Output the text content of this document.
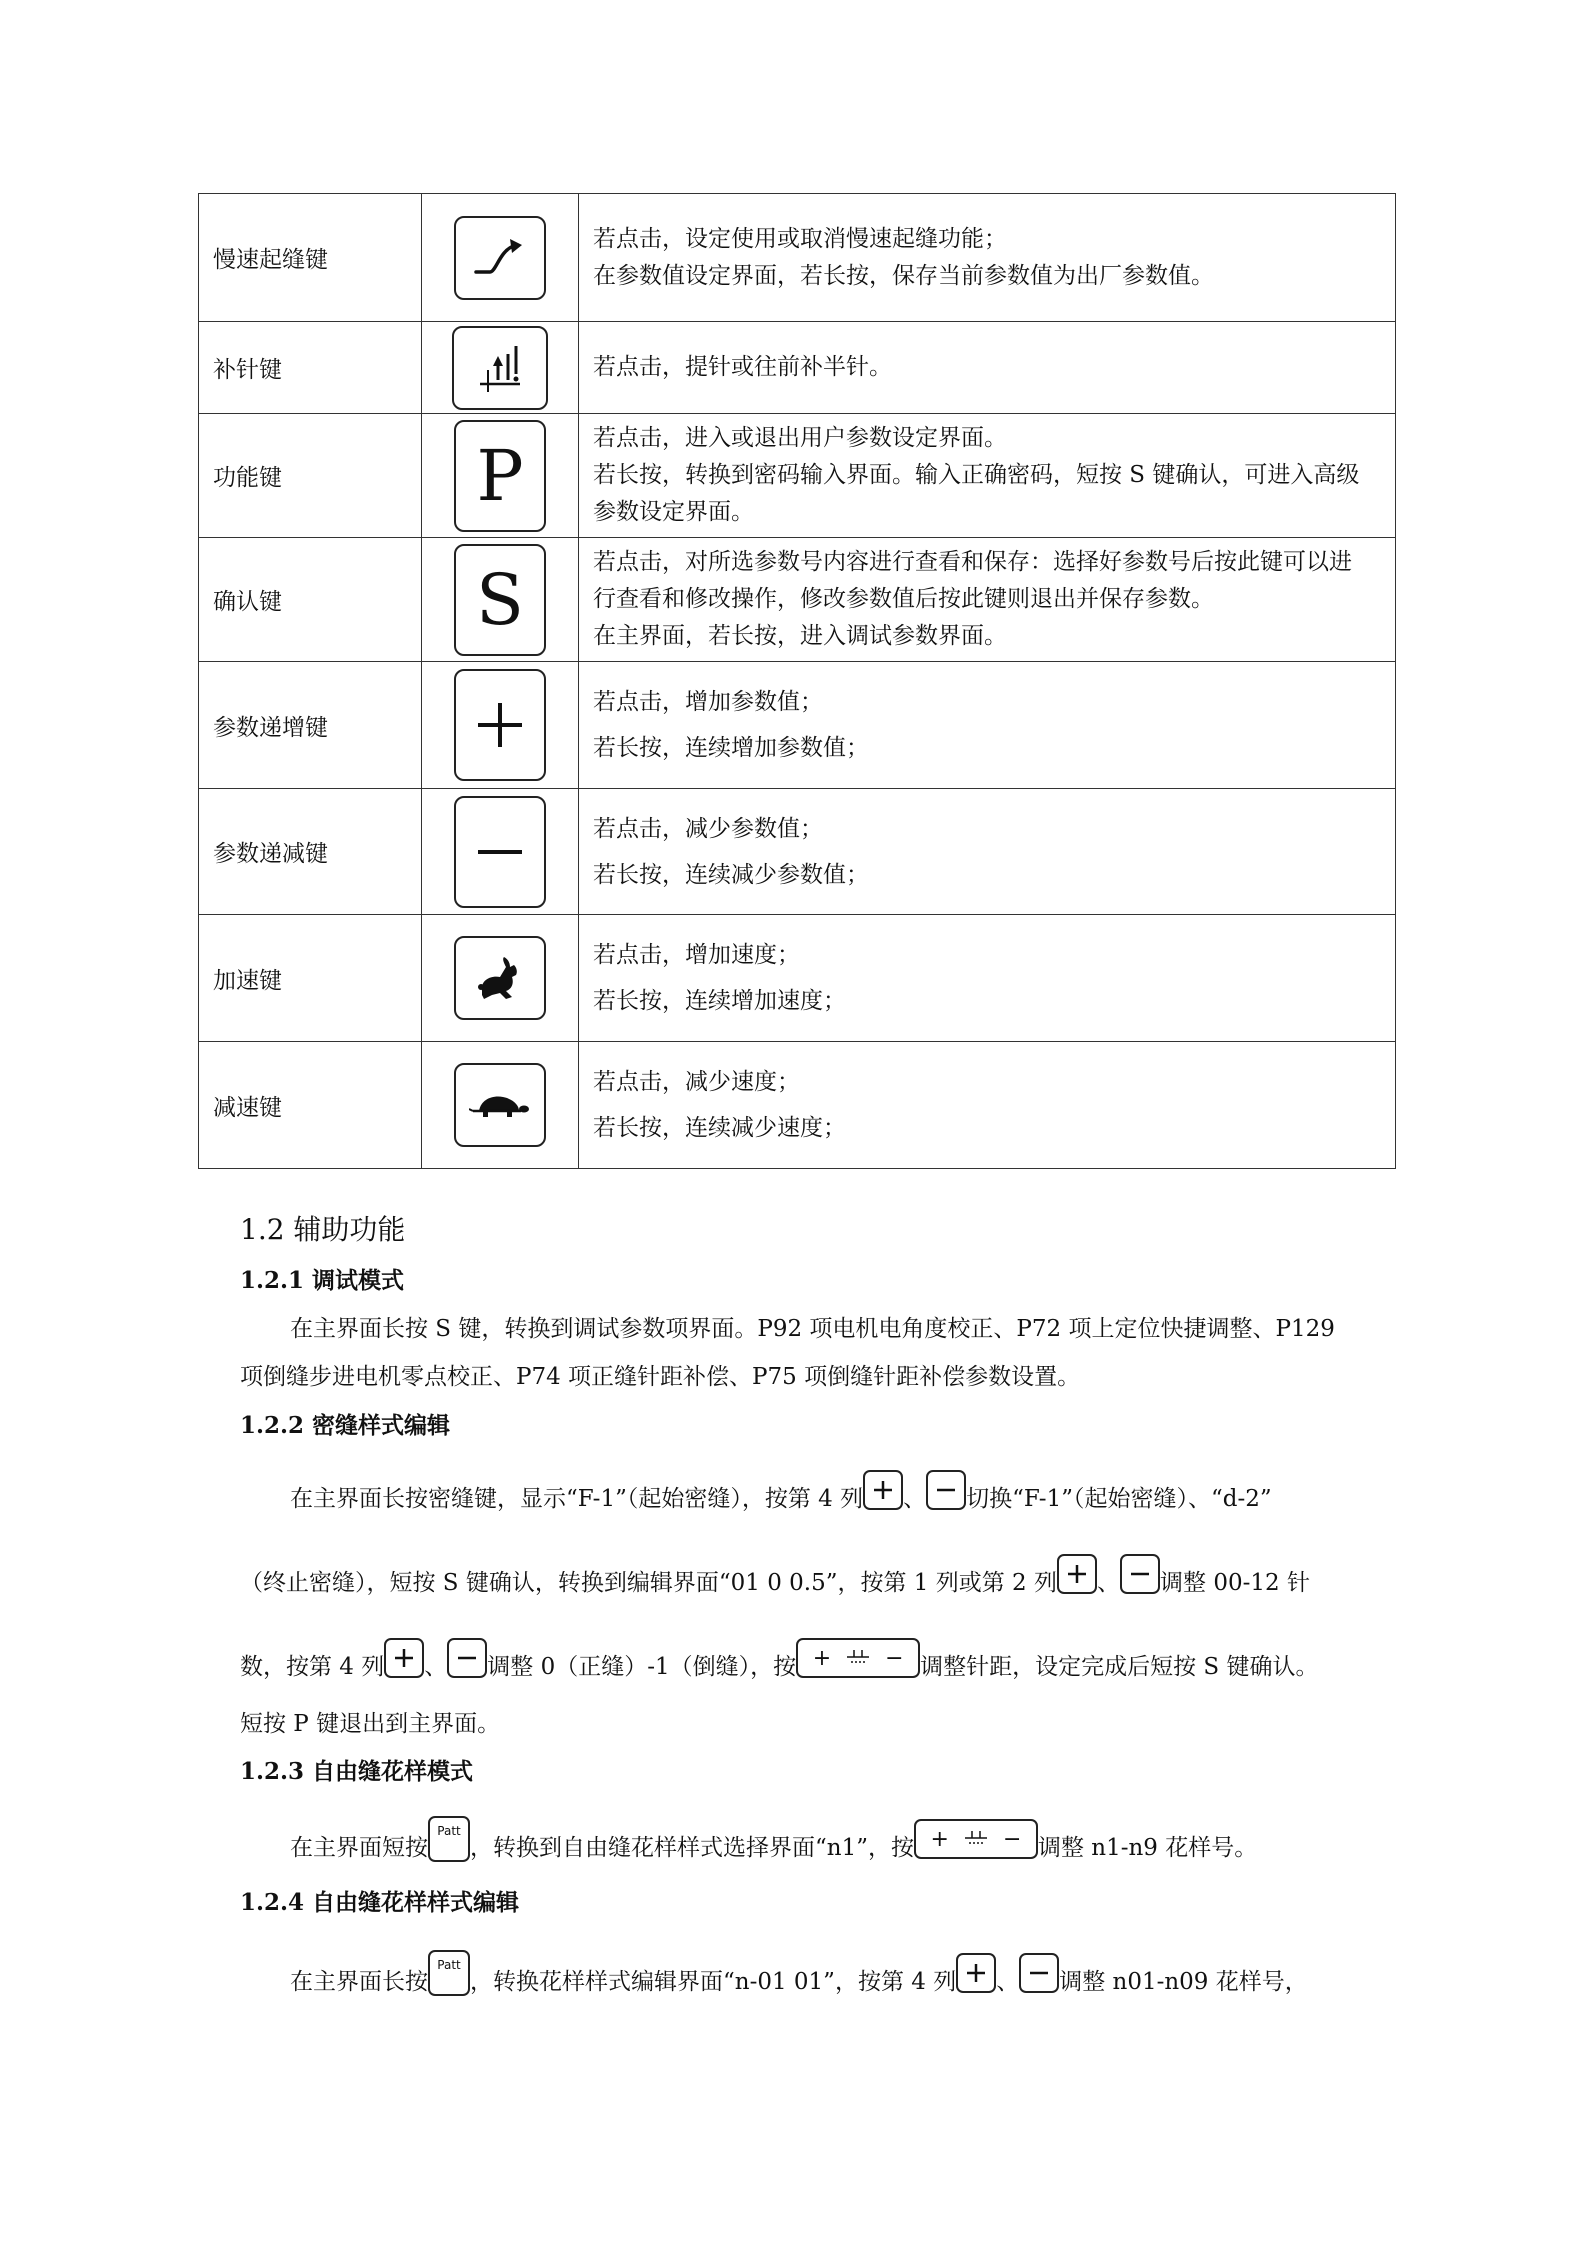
慢速起缝键		若点击，设定使用或取消慢速起缝功能；
在参数值设定界面，若长按，保存当前参数值为出厂参数值。

补针键		若点击，提针或往前补半针。

功能键	P	若点击，进入或退出用户参数设定界面。
若长按，转换到密码输入界面。输入正确密码，短按 S 键确认，可进入高级
参数设定界面。

确认键	S	若点击，对所选参数号内容进行查看和保存：选择好参数号后按此键可以进
行查看和修改操作，修改参数值后按此键则退出并保存参数。
在主界面，若长按，进入调试参数界面。

参数递增键		若点击，增加参数值；
若长按，连续增加参数值；

参数递减键		若点击，减少参数值；
若长按，连续减少参数值；

加速键		若点击，增加速度；
若长按，连续增加速度；

减速键		若点击，减少速度；
若长按，连续减少速度；
1.2 辅助功能
1.2.1 调试模式
在主界面长按 S 键，转换到调试参数项界面。P92 项电机电角度校正、P72 项上定位快捷调整、P129
项倒缝步进电机零点校正、P74 项正缝针距补偿、P75 项倒缝针距补偿参数设置。
1.2.2 密缝样式编辑
在主界面长按密缝键，显示“F-1”（起始密缝），按第 4 列 、 切换“F-1”（起始密缝）、“d-2”
（终止密缝），短按 S 键确认，转换到编辑界面“01 0 0.5”，按第 1 列或第 2 列 、 调整 00-12 针
数，按第 4 列 、 调整 0（正缝）-1（倒缝），按 + − 调整针距，设定完成后短按 S 键确认。
短按 P 键退出到主界面。
1.2.3 自由缝花样模式
在主界面短按Patt，转换到自由缝花样样式选择界面“n1”，按 + − 调整 n1-n9 花样号。
1.2.4 自由缝花样样式编辑
在主界面长按Patt，转换花样样式编辑界面“n-01 01”，按第 4 列 、 调整 n01-n09 花样号，
